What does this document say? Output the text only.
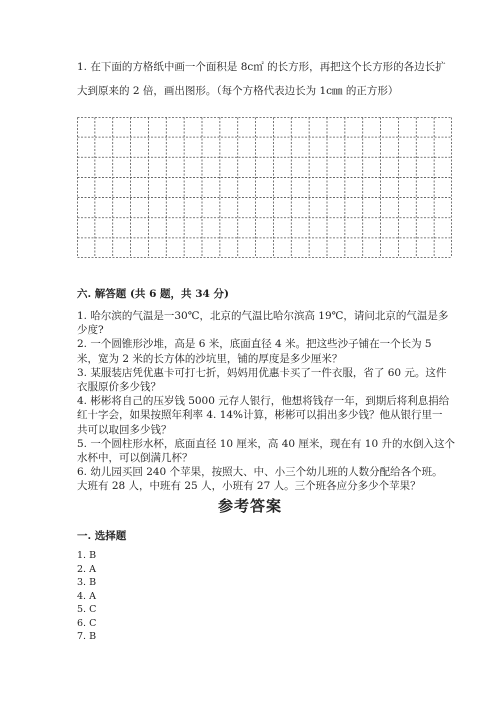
1. 在下面的方格纸中画一个面积是 8c㎡ 的长方形，再把这个长方形的各边长扩
大到原来的 2 倍，画出图形。（每个方格代表边长为 1c㎜ 的正方形）
六. 解答题 (共 6 题，共 34 分)
1. 哈尔滨的气温是一30℃，北京的气温比哈尔滨高 19℃，请问北京的气温是多
少度?
2. 一个圆锥形沙堆，高是 6 米，底面直径 4 米。把这些沙子铺在一个长为 5
米，宽为 2 米的长方体的沙坑里，铺的厚度是多少厘米？
3. 某服装店凭优惠卡可打七折，妈妈用优惠卡买了一件衣服，省了 60 元。这件
衣服原价多少钱？
4. 彬彬将自己的压岁钱 5000 元存人银行，他想将钱存一年，到期后将利息捐给
红十字会，如果按照年利率 4. 14%计算，彬彬可以捐出多少钱？他从银行里一
共可以取回多少钱？
5. 一个圆柱形水杯，底面直径 10 厘米，高 40 厘米，现在有 10 升的水倒入这个
水杯中，可以倒满几杯？
6. 幼儿园买回 240 个苹果，按照大、中、小三个幼儿班的人数分配给各个班。
大班有 28 人，中班有 25 人，小班有 27 人。三个班各应分多少个苹果？
参考答案
一. 选择题
1. B
2. A
3. B
4. A
5. C
6. C
7. B
